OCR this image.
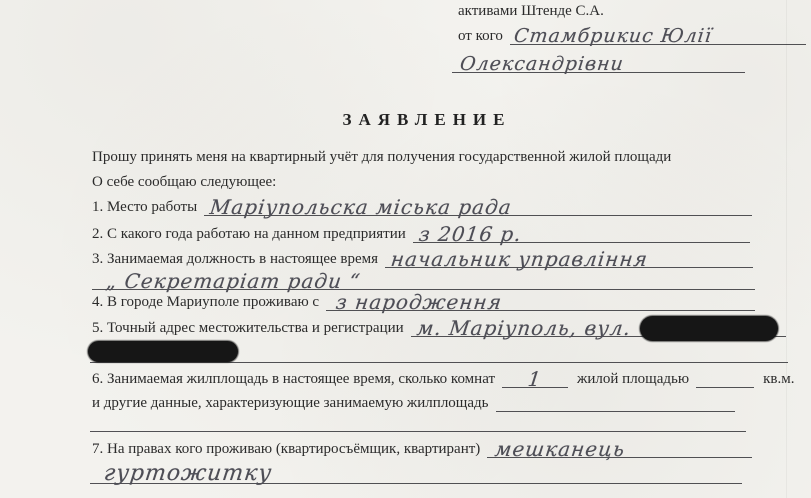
активами Штенде С.А.
от кого Стамбрикис Юлії
Олександрівни
ЗАЯВЛЕНИЕ
Прошу принять меня на квартирный учёт для получения государственной жилой площади
О себе сообщаю следующее:
1. Место работы Маріупольска міська рада
2. С какого года работаю на данном предприятии з 2016 р.
3. Занимаемая должность в настоящее время начальник управління
„ Секретаріат ради “
4. В городе Мариуполе проживаю с з народження
5. Точный адрес местожительства и регистрации м. Маріуполь, вул.
6. Занимаемая жилплощадь в настоящее время, сколько комнат	1	жилой площадью	кв.м.
и другие данные, характеризующие занимаемую жилплощадь
7. На правах кого проживаю (квартиросъёмщик, квартирант) мешканець
гуртожитку
